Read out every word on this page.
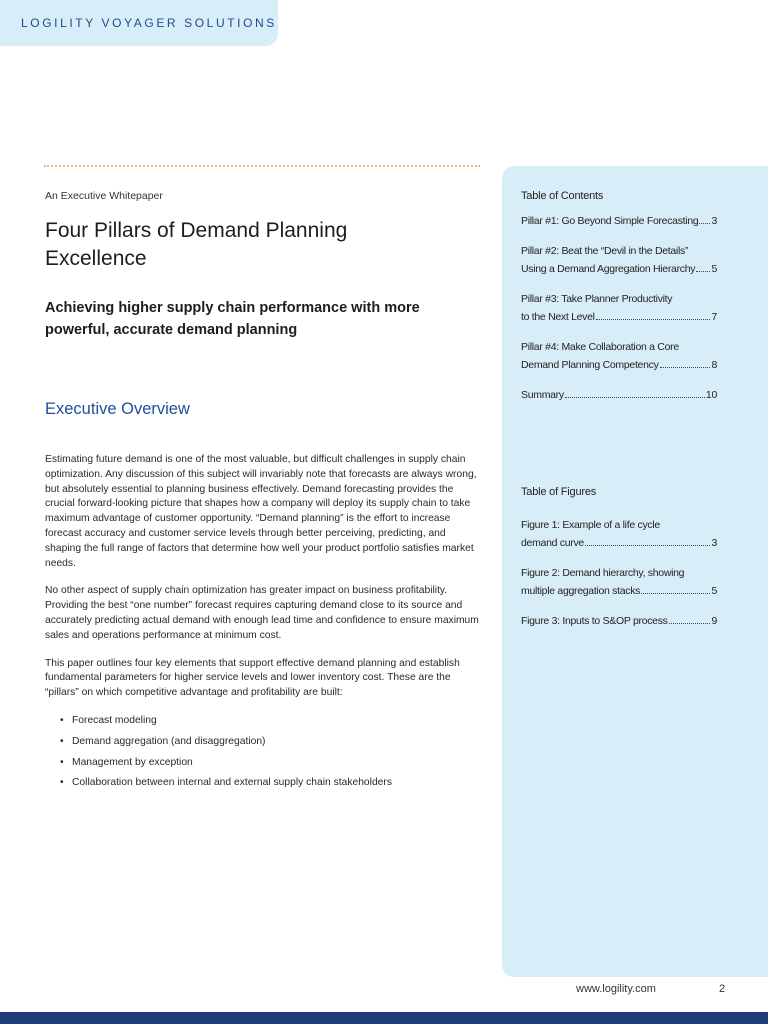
LOGILITY VOYAGER SOLUTIONS
An Executive Whitepaper
Four Pillars of Demand Planning Excellence
Achieving higher supply chain performance with more powerful, accurate demand planning
Executive Overview

Estimating future demand is one of the most valuable, but difficult challenges in supply chain optimization. Any discussion of this subject will invariably note that forecasts are always wrong, but absolutely essential to planning business effectively. Demand forecasting provides the crucial forward-looking picture that shapes how a company will deploy its supply chain to take maximum advantage of customer opportunity. “Demand planning” is the effort to increase forecast accuracy and customer service levels through better perceiving, predicting, and shaping the full range of factors that determine how well your product portfolio satisfies market needs.

No other aspect of supply chain optimization has greater impact on business profitability. Providing the best “one number” forecast requires capturing demand close to its source and accurately predicting actual demand with enough lead time and confidence to ensure maximum sales and operations performance at minimum cost.

This paper outlines four key elements that support effective demand planning and establish fundamental parameters for higher service levels and lower inventory cost. These are the “pillars” on which competitive advantage and profitability are built:

• Forecast modeling
• Demand aggregation (and disaggregation)
• Management by exception
• Collaboration between internal and external supply chain stakeholders
Table of Contents
Pillar #1: Go Beyond Simple Forecasting 3
Pillar #2: Beat the “Devil in the Details”
Using a Demand Aggregation Hierarchy 5
Pillar #3: Take Planner Productivity
to the Next Level	7
Pillar #4: Make Collaboration a Core
Demand Planning Competency	8
Summary	10
Table of Figures
Figure 1: Example of a life cycle
demand curve	3
Figure 2: Demand hierarchy, showing
multiple aggregation stacks	5
Figure 3: Inputs to S&OP process	9
www.logility.com	2
